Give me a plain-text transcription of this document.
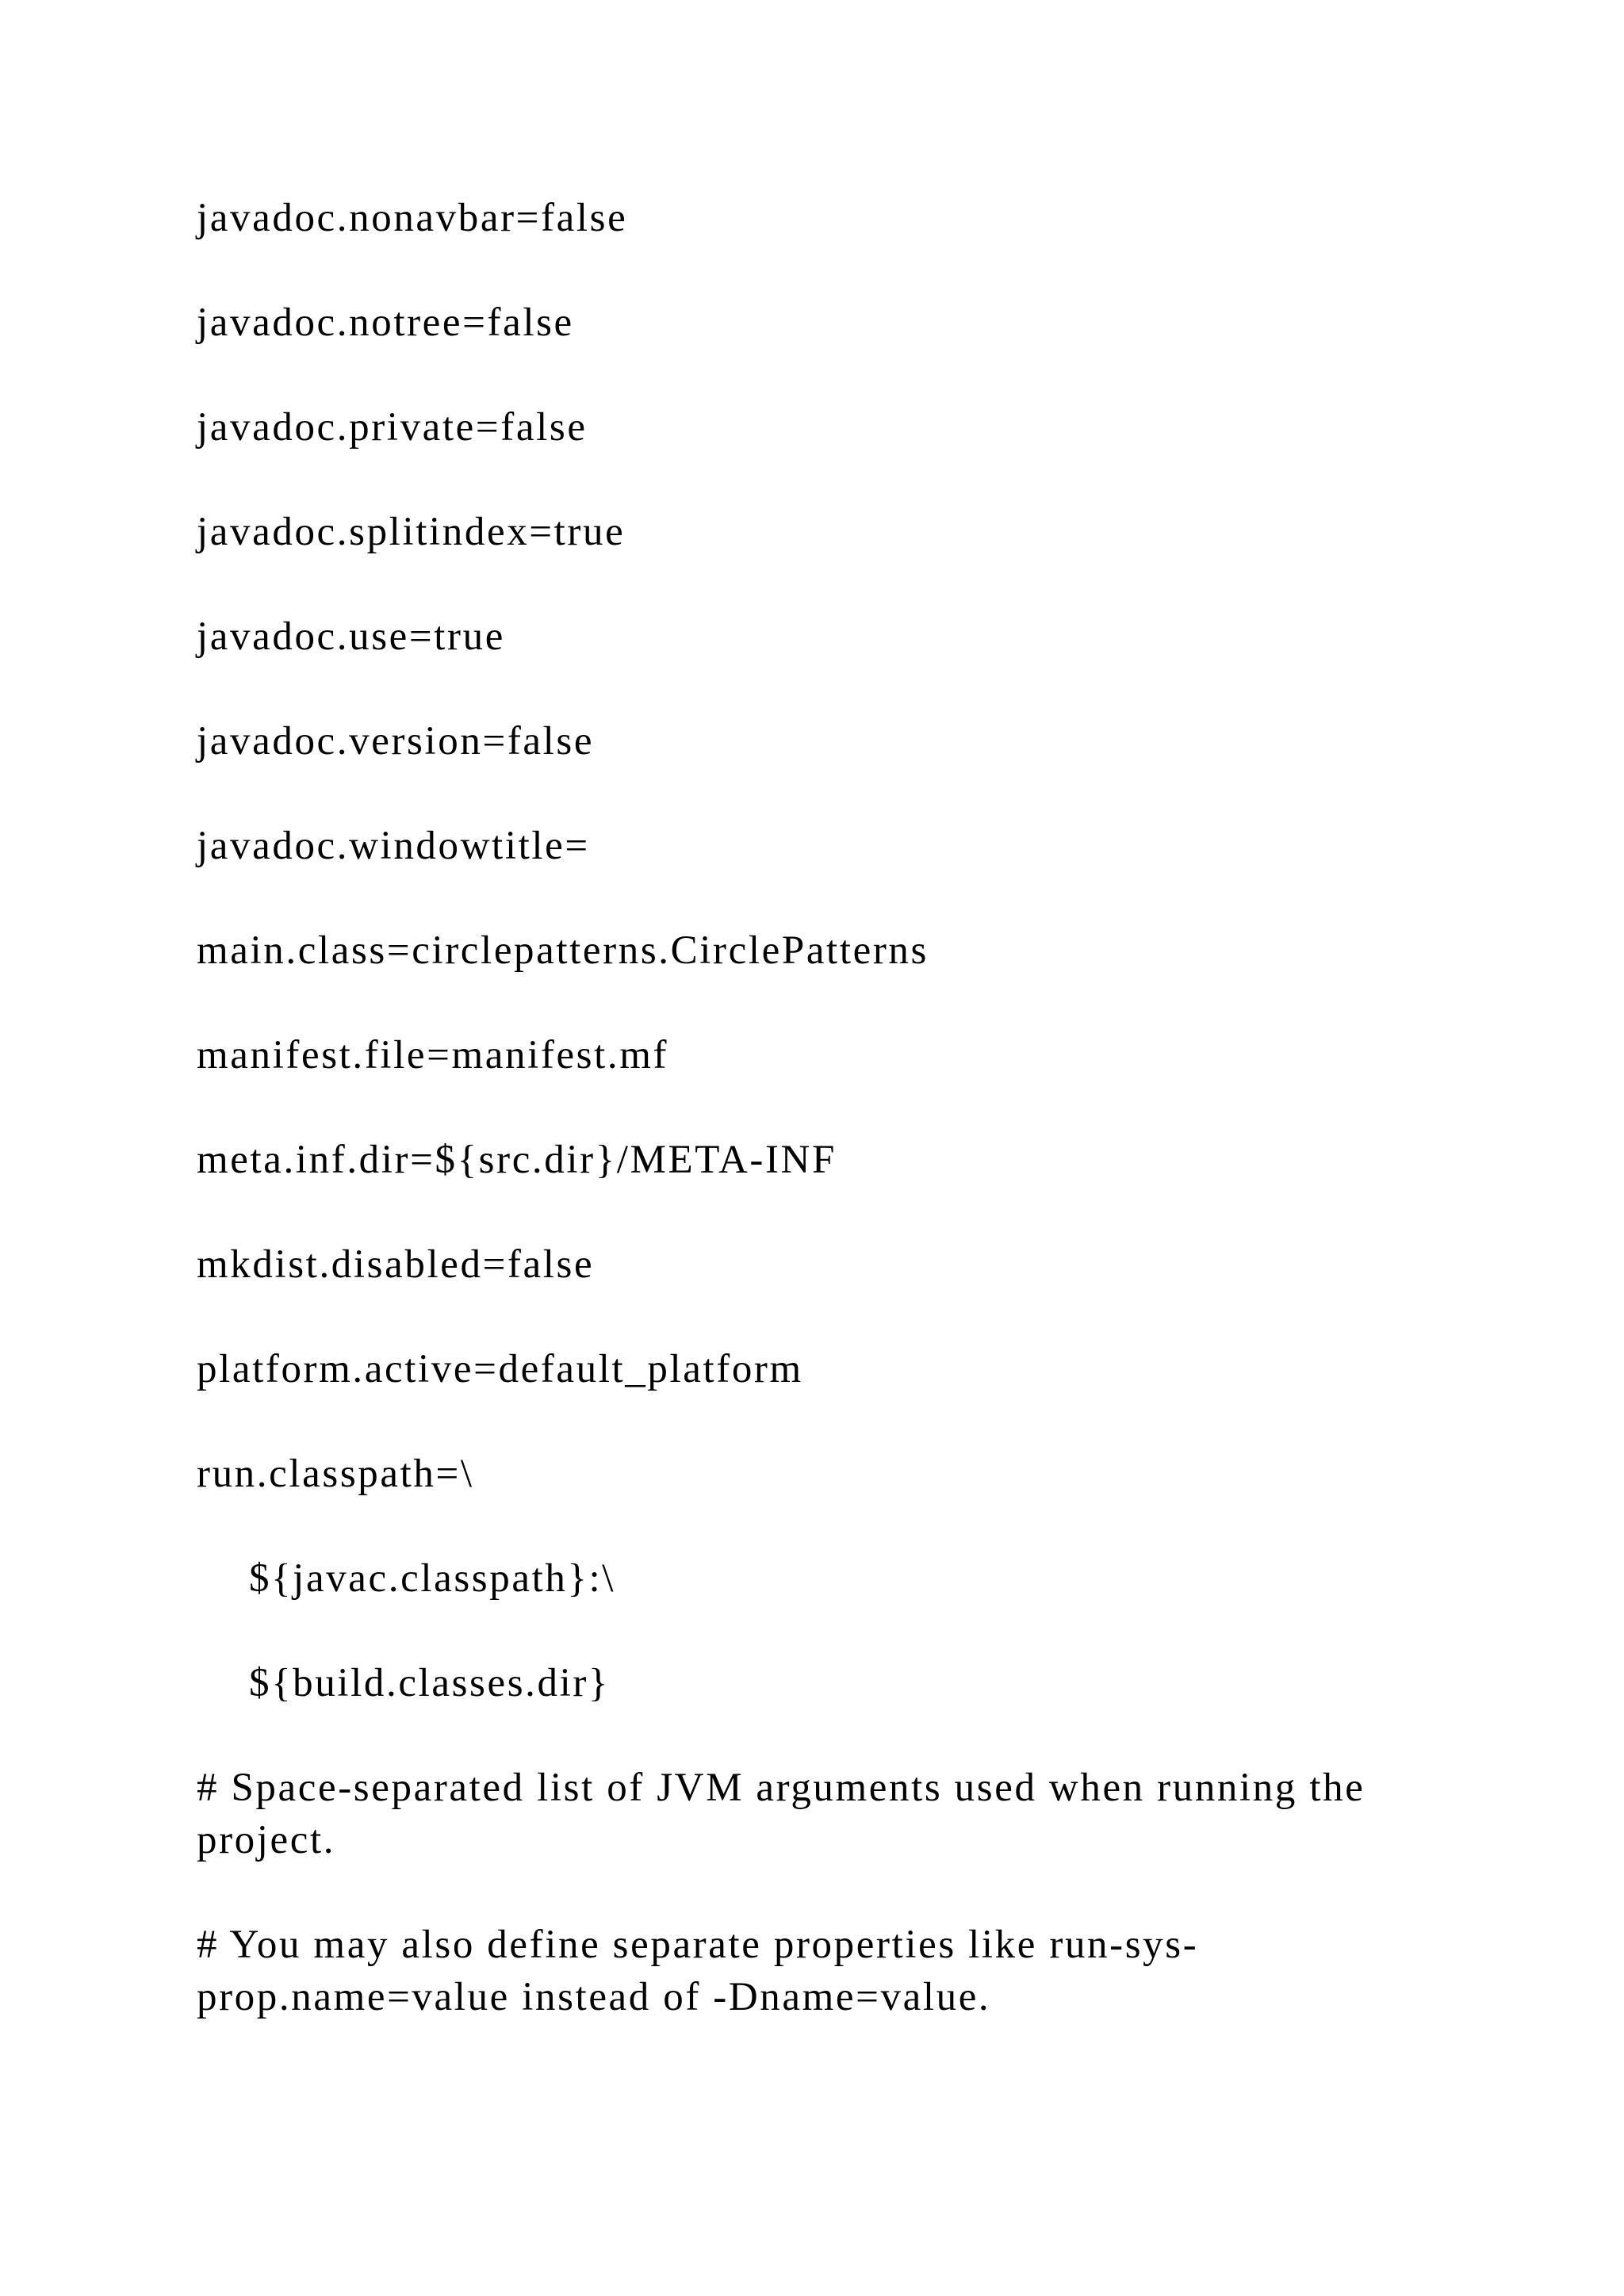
javadoc.nonavbar=false
javadoc.notree=false
javadoc.private=false
javadoc.splitindex=true
javadoc.use=true
javadoc.version=false
javadoc.windowtitle=
main.class=circlepatterns.CirclePatterns
manifest.file=manifest.mf
meta.inf.dir=${src.dir}/META-INF
mkdist.disabled=false
platform.active=default_platform
run.classpath=\
${javac.classpath}:\
${build.classes.dir}
# Space-separated list of JVM arguments used when running the project.
# You may also define separate properties like run-sys-prop.name=value instead of -Dname=value.
